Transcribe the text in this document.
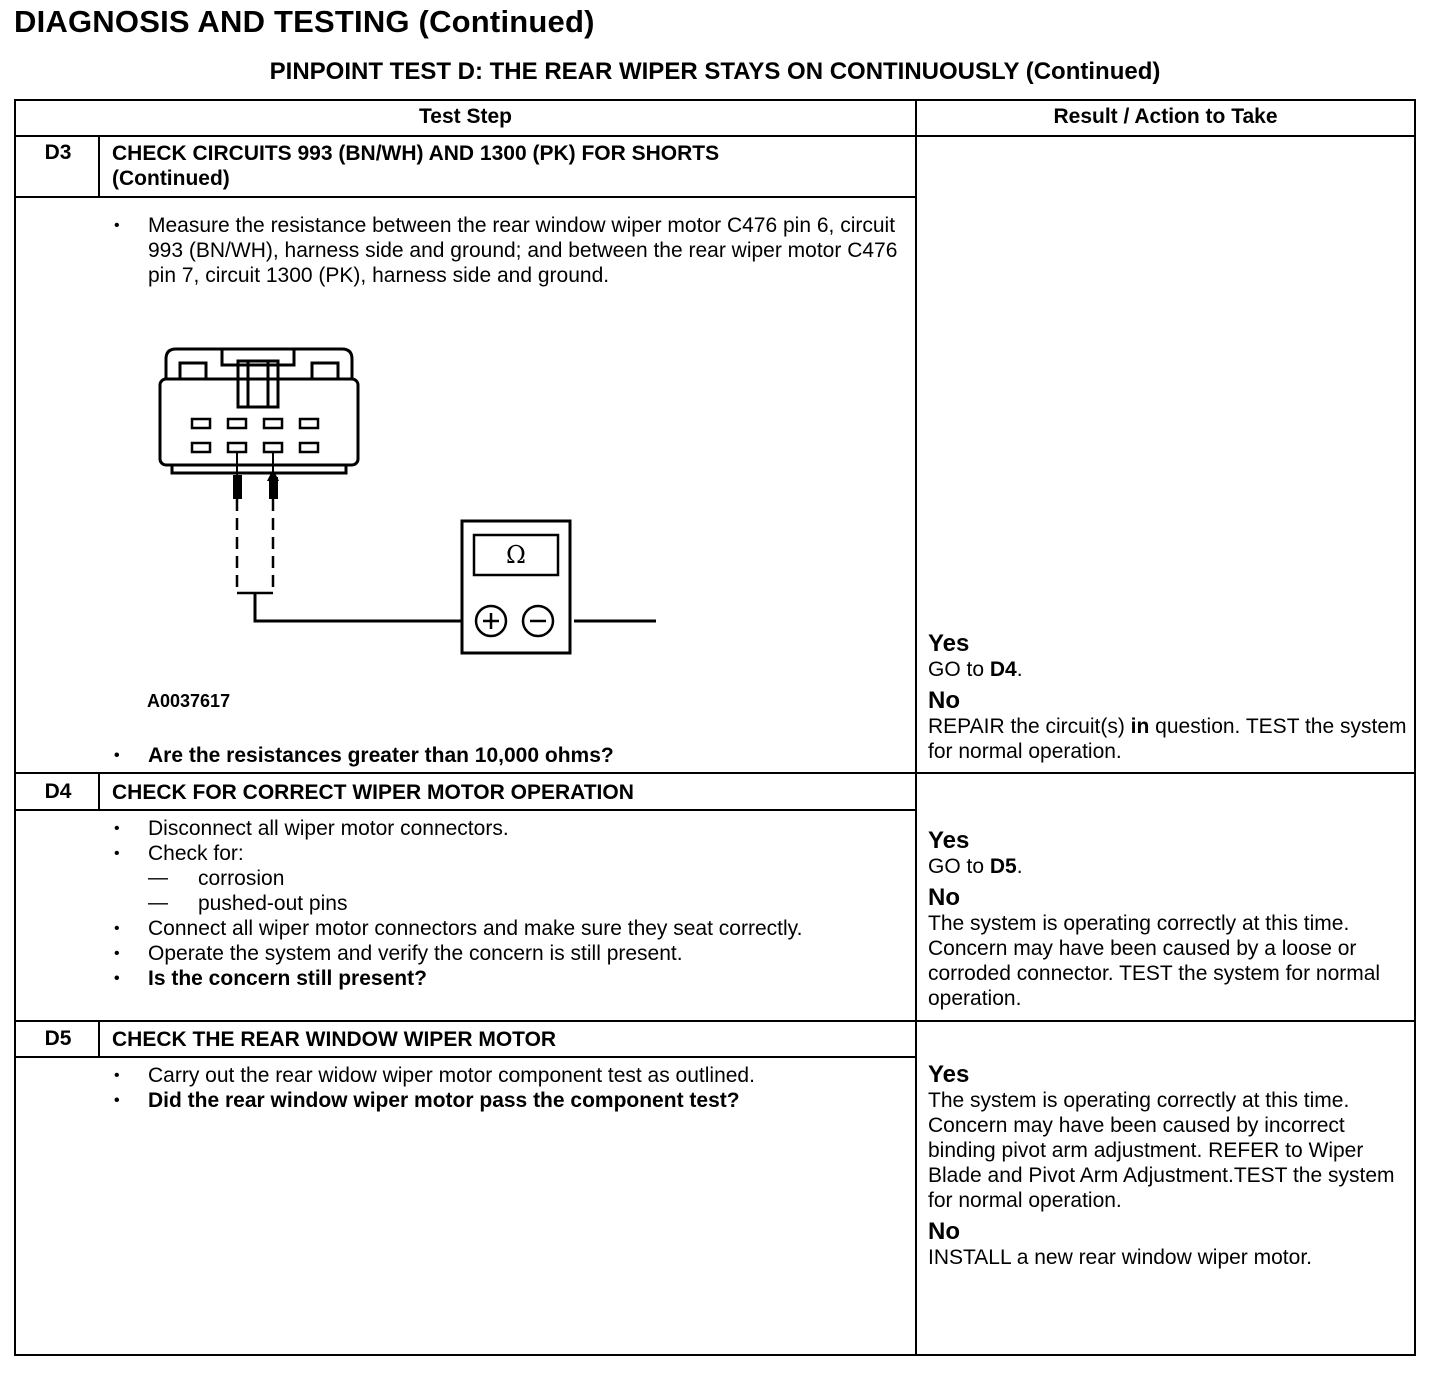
DIAGNOSIS AND TESTING (Continued)
PINPOINT TEST D: THE REAR WIPER STAYS ON CONTINUOUSLY (Continued)
Test Step	Result / Action to Take
D3	CHECK CIRCUITS 993 (BN/WH) AND 1300 (PK) FOR SHORTS
(Continued)
• Measure the resistance between the rear window wiper motor C476 pin 6, circuit 993 (BN/WH), harness side and ground; and between the rear wiper motor C476 pin 7, circuit 1300 (PK), harness side and ground.
Ω
A0037617
• Are the resistances greater than 10,000 ohms?
Yes
GO to D4.
No
REPAIR the circuit(s) in question. TEST the system for normal operation.
D4	CHECK FOR CORRECT WIPER MOTOR OPERATION
• Disconnect all wiper motor connectors.
• Check for:
— corrosion
— pushed-out pins
• Connect all wiper motor connectors and make sure they seat correctly.
• Operate the system and verify the concern is still present.
• Is the concern still present?
Yes
GO to D5.
No
The system is operating correctly at this time. Concern may have been caused by a loose or corroded connector. TEST the system for normal operation.
D5	CHECK THE REAR WINDOW WIPER MOTOR
• Carry out the rear widow wiper motor component test as outlined.
• Did the rear window wiper motor pass the component test?
Yes
The system is operating correctly at this time. Concern may have been caused by incorrect binding pivot arm adjustment. REFER to Wiper Blade and Pivot Arm Adjustment.TEST the system for normal operation.
No
INSTALL a new rear window wiper motor.
